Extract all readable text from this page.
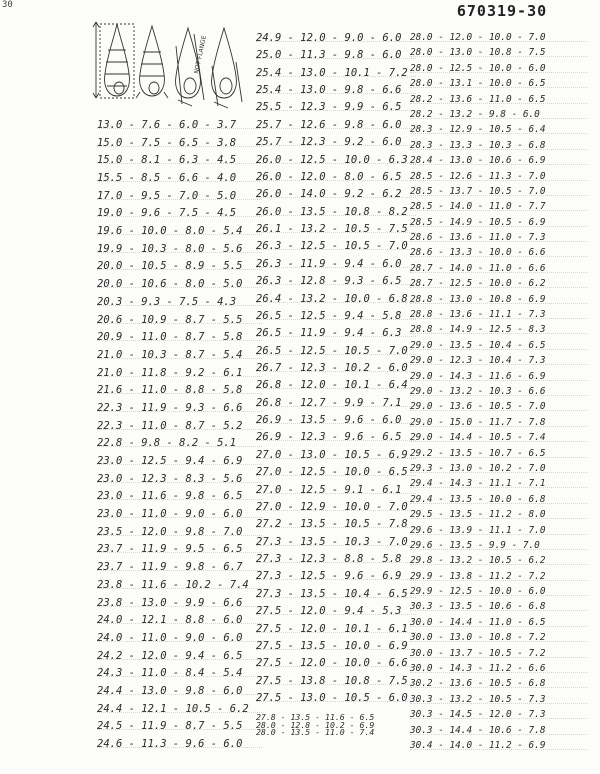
30	670319-30
NOT FLANGE
13.0 - 7.6 - 6.0 - 3.7
15.0 - 7.5 - 6.5 - 3.8
15.0 - 8.1 - 6.3 - 4.5
15.5 - 8.5 - 6.6 - 4.0
17.0 - 9.5 - 7.0 - 5.0
19.0 - 9.6 - 7.5 - 4.5
19.6 - 10.0 - 8.0 - 5.4
19.9 - 10.3 - 8.0 - 5.6
20.0 - 10.5 - 8.9 - 5.5
20.0 - 10.6 - 8.0 - 5.0
20.3 - 9.3 - 7.5 - 4.3
20.6 - 10.9 - 8.7 - 5.5
20.9 - 11.0 - 8.7 - 5.8
21.0 - 10.3 - 8.7 - 5.4
21.0 - 11.8 - 9.2 - 6.1
21.6 - 11.0 - 8.8 - 5.8
22.3 - 11.9 - 9.3 - 6.6
22.3 - 11.0 - 8.7 - 5.2
22.8 - 9.8 - 8.2 - 5.1
23.0 - 12.5 - 9.4 - 6.9
23.0 - 12.3 - 8.3 - 5.6
23.0 - 11.6 - 9.8 - 6.5
23.0 - 11.0 - 9.0 - 6.0
23.5 - 12.0 - 9.8 - 7.0
23.7 - 11.9 - 9.5 - 6.5
23.7 - 11.9 - 9.8 - 6.7
23.8 - 11.6 - 10.2 - 7.4
23.8 - 13.0 - 9.9 - 6.6
24.0 - 12.1 - 8.8 - 6.0
24.0 - 11.0 - 9.0 - 6.0
24.2 - 12.0 - 9.4 - 6.5
24.3 - 11.0 - 8.4 - 5.4
24.4 - 13.0 - 9.8 - 6.0
24.4 - 12.1 - 10.5 - 6.2
24.5 - 11.9 - 8.7 - 5.5
24.6 - 11.3 - 9.6 - 6.0
24.9 - 12.0 - 9.0 - 6.0
25.0 - 11.3 - 9.8 - 6.0
25.4 - 13.0 - 10.1 - 7.2
25.4 - 13.0 - 9.8 - 6.6
25.5 - 12.3 - 9.9 - 6.5
25.7 - 12.6 - 9.8 - 6.0
25.7 - 12.3 - 9.2 - 6.0
26.0 - 12.5 - 10.0 - 6.3
26.0 - 12.0 - 8.0 - 6.5
26.0 - 14.0 - 9.2 - 6.2
26.0 - 13.5 - 10.8 - 8.2
26.1 - 13.2 - 10.5 - 7.5
26.3 - 12.5 - 10.5 - 7.0
26.3 - 11.9 - 9.4 - 6.0
26.3 - 12.8 - 9.3 - 6.5
26.4 - 13.2 - 10.0 - 6.8
26.5 - 12.5 - 9.4 - 5.8
26.5 - 11.9 - 9.4 - 6.3
26.5 - 12.5 - 10.5 - 7.0
26.7 - 12.3 - 10.2 - 6.0
26.8 - 12.0 - 10.1 - 6.4
26.8 - 12.7 - 9.9 - 7.1
26.9 - 13.5 - 9.6 - 6.0
26.9 - 12.3 - 9.6 - 6.5
27.0 - 13.0 - 10.5 - 6.9
27.0 - 12.5 - 10.0 - 6.5
27.0 - 12.5 - 9.1 - 6.1
27.0 - 12.9 - 10.0 - 7.0
27.2 - 13.5 - 10.5 - 7.8
27.3 - 13.5 - 10.3 - 7.0
27.3 - 12.3 - 8.8 - 5.8
27.3 - 12.5 - 9.6 - 6.9
27.3 - 13.5 - 10.4 - 6.5
27.5 - 12.0 - 9.4 - 5.3
27.5 - 12.0 - 10.1 - 6.1
27.5 - 13.5 - 10.0 - 6.9
27.5 - 12.0 - 10.0 - 6.6
27.5 - 13.8 - 10.8 - 7.5
27.5 - 13.0 - 10.5 - 6.0
27.8 - 13.5 - 11.6 - 6.5
28.0 - 12.8 - 10.2 - 6.9
28.0 - 13.5 - 11.0 - 7.4
28.0 - 12.0 - 10.0 - 7.0
28.0 - 13.0 - 10.8 - 7.5
28.0 - 12.5 - 10.0 - 6.0
28.0 - 13.1 - 10.0 - 6.5
28.2 - 13.6 - 11.0 - 6.5
28.2 - 13.2 - 9.8 - 6.0
28.3 - 12.9 - 10.5 - 6.4
28.3 - 13.3 - 10.3 - 6.8
28.4 - 13.0 - 10.6 - 6.9
28.5 - 12.6 - 11.3 - 7.0
28.5 - 13.7 - 10.5 - 7.0
28.5 - 14.0 - 11.0 - 7.7
28.5 - 14.9 - 10.5 - 6.9
28.6 - 13.6 - 11.0 - 7.3
28.6 - 13.3 - 10.0 - 6.6
28.7 - 14.0 - 11.0 - 6.6
28.7 - 12.5 - 10.0 - 6.2
28.8 - 13.0 - 10.8 - 6.9
28.8 - 13.6 - 11.1 - 7.3
28.8 - 14.9 - 12.5 - 8.3
29.0 - 13.5 - 10.4 - 6.5
29.0 - 12.3 - 10.4 - 7.3
29.0 - 14.3 - 11.6 - 6.9
29.0 - 13.2 - 10.3 - 6.6
29.0 - 13.6 - 10.5 - 7.0
29.0 - 15.0 - 11.7 - 7.8
29.0 - 14.4 - 10.5 - 7.4
29.2 - 13.5 - 10.7 - 6.5
29.3 - 13.0 - 10.2 - 7.0
29.4 - 14.3 - 11.1 - 7.1
29.4 - 13.5 - 10.0 - 6.8
29.5 - 13.5 - 11.2 - 8.0
29.6 - 13.9 - 11.1 - 7.0
29.6 - 13.5 - 9.9 - 7.0
29.8 - 13.2 - 10.5 - 6.2
29.9 - 13.8 - 11.2 - 7.2
29.9 - 12.5 - 10.0 - 6.0
30.3 - 13.5 - 10.6 - 6.8
30.0 - 14.4 - 11.0 - 6.5
30.0 - 13.0 - 10.8 - 7.2
30.0 - 13.7 - 10.5 - 7.2
30.0 - 14.3 - 11.2 - 6.6
30.2 - 13.6 - 10.5 - 6.8
30.3 - 13.2 - 10.5 - 7.3
30.3 - 14.5 - 12.0 - 7.3
30.3 - 14.4 - 10.6 - 7.8
30.4 - 14.0 - 11.2 - 6.9
